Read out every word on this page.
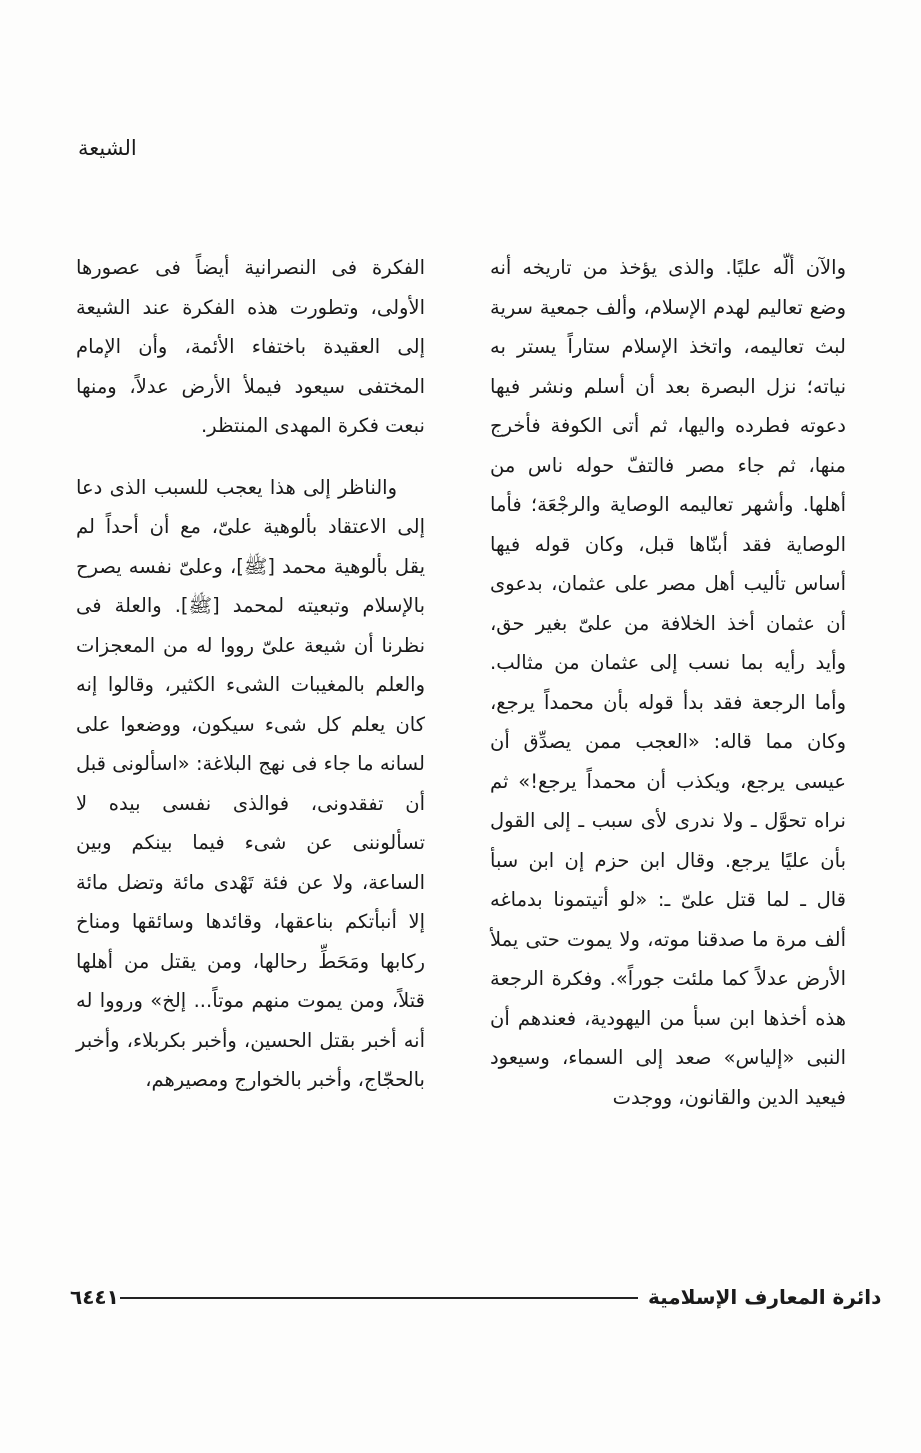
الشيعة

والآن ألّه عليًا. والذى يؤخذ من تاريخه أنه وضع تعاليم لهدم الإسلام، وألف جمعية سرية لبث تعاليمه، واتخذ الإسلام ستاراً يستر به نياته؛ نزل البصرة بعد أن أسلم ونشر فيها دعوته فطرده واليها، ثم أتى الكوفة فأخرج منها، ثم جاء مصر فالتفّ حوله ناس من أهلها. وأشهر تعاليمه الوصاية والرجْعَة؛ فأما الوصاية فقد أبنّاها قبل، وكان قوله فيها أساس تأليب أهل مصر على عثمان، بدعوى أن عثمان أخذ الخلافة من علىّ بغير حق، وأيد رأيه بما نسب إلى عثمان من مثالب. وأما الرجعة فقد بدأ قوله بأن محمداً يرجع، وكان مما قاله: «العجب ممن يصدِّق أن عيسى يرجع، ويكذب أن محمداً يرجع!» ثم نراه تحوَّل ـ ولا ندرى لأى سبب ـ إلى القول بأن عليًا يرجع. وقال ابن حزم إن ابن سبأ قال ـ لما قتل علىّ ـ: «لو أتيتمونا بدماغه ألف مرة ما صدقنا موته، ولا يموت حتى يملأ الأرض عدلاً كما ملئت جوراً». وفكرة الرجعة هذه أخذها ابن سبأ من اليهودية، فعندهم أن النبى «إلياس» صعد إلى السماء، وسيعود فيعيد الدين والقانون، ووجدت

الفكرة فى النصرانية أيضاً فى عصورها الأولى، وتطورت هذه الفكرة عند الشيعة إلى العقيدة باختفاء الأئمة، وأن الإمام المختفى سيعود فيملأ الأرض عدلاً، ومنها نبعت فكرة المهدى المنتظر.

والناظر إلى هذا يعجب للسبب الذى دعا إلى الاعتقاد بألوهية علىّ، مع أن أحداً لم يقل بألوهية محمد [ﷺ]، وعلىّ نفسه يصرح بالإسلام وتبعيته لمحمد [ﷺ]. والعلة فى نظرنا أن شيعة علىّ رووا له من المعجزات والعلم بالمغيبات الشىء الكثير، وقالوا إنه كان يعلم كل شىء سيكون، ووضعوا على لسانه ما جاء فى نهج البلاغة: «اسألونى قبل أن تفقدونى، فوالذى نفسى بيده لا تسألوننى عن شىء فيما بينكم وبين الساعة، ولا عن فئة تَهْدى مائة وتضل مائة إلا أنبأتكم بناعقها، وقائدها وسائقها ومناخ ركابها ومَحَطِّ رحالها، ومن يقتل من أهلها قتلاً، ومن يموت منهم موتاً... إلخ» ورووا له أنه أخبر بقتل الحسين، وأخبر بكربلاء، وأخبر بالحجّاج، وأخبر بالخوارج ومصيرهم،

دائرة المعارف الإسلامية
٦٤٤١
